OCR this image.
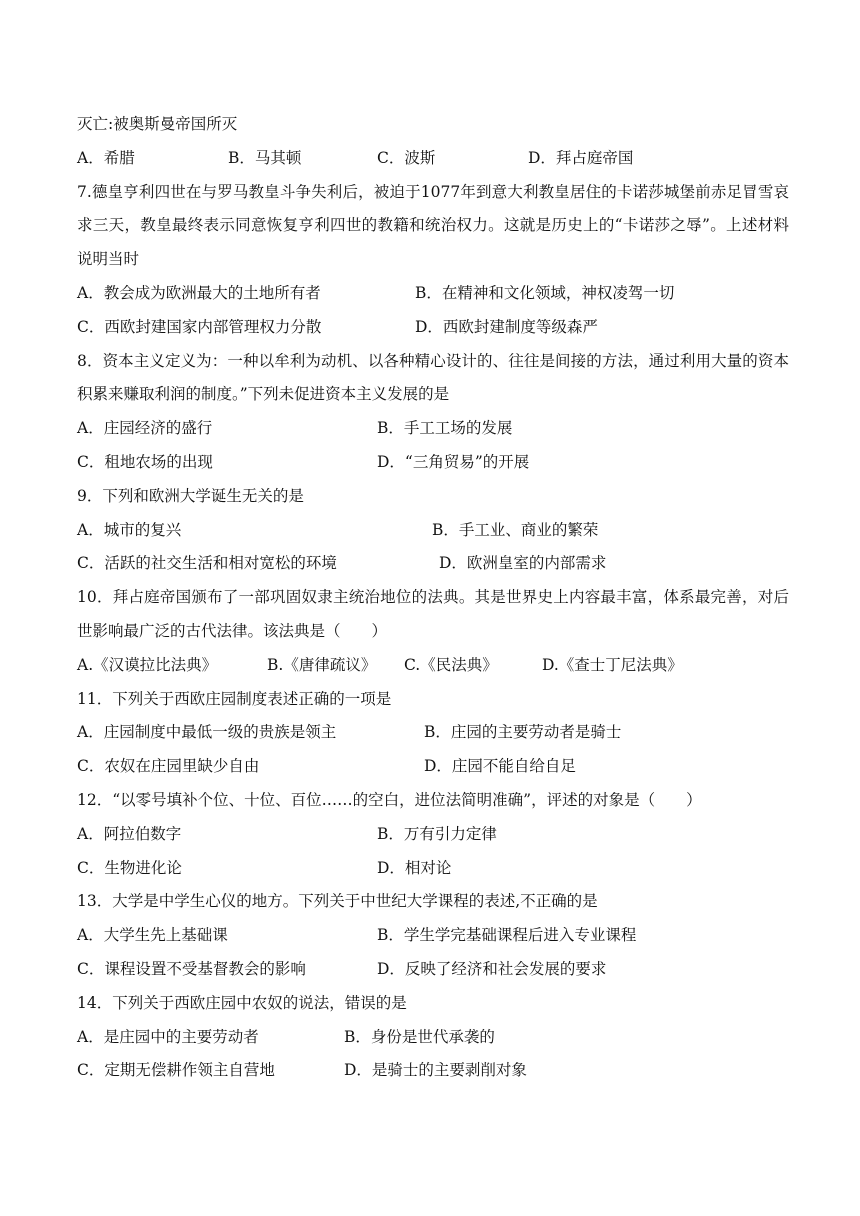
灭亡:被奥斯曼帝国所灭
A．希腊	B．马其顿	C．波斯	D．拜占庭帝国
7.德皇亨利四世在与罗马教皇斗争失利后，被迫于1077年到意大利教皇居住的卡诺莎城堡前赤足冒雪哀求三天，教皇最终表示同意恢复亨利四世的教籍和统治权力。这就是历史上的“卡诺莎之辱”。上述材料说明当时
A．教会成为欧洲最大的土地所有者	B．在精神和文化领域，神权凌驾一切
C．西欧封建国家内部管理权力分散	D．西欧封建制度等级森严
8．资本主义定义为：一种以牟利为动机、以各种精心设计的、往往是间接的方法，通过利用大量的资本积累来赚取利润的制度。”下列未促进资本主义发展的是
A．庄园经济的盛行	B．手工工场的发展
C．租地农场的出现	D．“三角贸易”的开展
9．下列和欧洲大学诞生无关的是
A．城市的复兴	B．手工业、商业的繁荣
C．活跃的社交生活和相对宽松的环境	D．欧洲皇室的内部需求
10．拜占庭帝国颁布了一部巩固奴隶主统治地位的法典。其是世界史上内容最丰富，体系最完善，对后世影响最广泛的古代法律。该法典是（　　）
A.《汉谟拉比法典》	B.《唐律疏议》	C.《民法典》	D.《查士丁尼法典》
11．下列关于西欧庄园制度表述正确的一项是
A．庄园制度中最低一级的贵族是领主	B．庄园的主要劳动者是骑士
C．农奴在庄园里缺少自由	D．庄园不能自给自足
12．“以零号填补个位、十位、百位……的空白，进位法简明准确”，评述的对象是（　　）
A．阿拉伯数字	B．万有引力定律
C．生物进化论	D．相对论
13．大学是中学生心仪的地方。下列关于中世纪大学课程的表述,不正确的是
A．大学生先上基础课	B．学生学完基础课程后进入专业课程
C．课程设置不受基督教会的影响	D．反映了经济和社会发展的要求
14．下列关于西欧庄园中农奴的说法，错误的是
A．是庄园中的主要劳动者	B．身份是世代承袭的
C．定期无偿耕作领主自营地	D．是骑士的主要剥削对象
